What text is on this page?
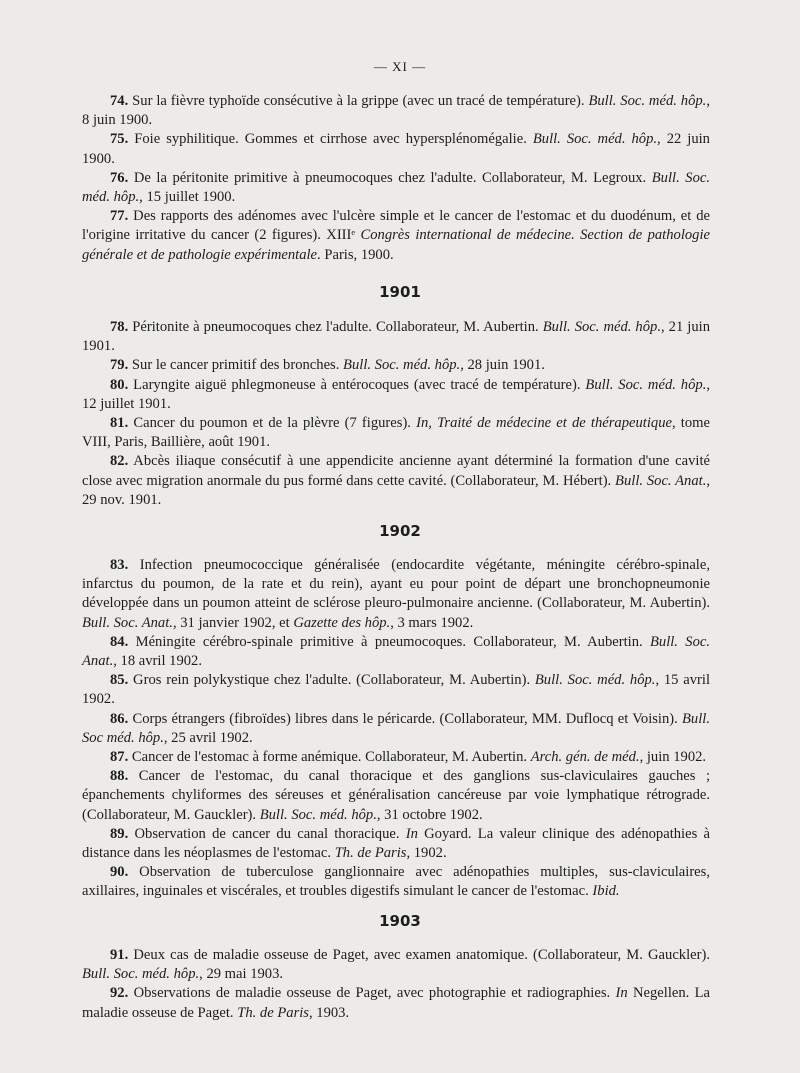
— XI —

74. Sur la fièvre typhoïde consécutive à la grippe (avec un tracé de température). Bull. Soc. méd. hôp., 8 juin 1900.

75. Foie syphilitique. Gommes et cirrhose avec hypersplénomégalie. Bull. Soc. méd. hôp., 22 juin 1900.

76. De la péritonite primitive à pneumocoques chez l'adulte. Collaborateur, M. Legroux. Bull. Soc. méd. hôp., 15 juillet 1900.

77. Des rapports des adénomes avec l'ulcère simple et le cancer de l'estomac et du duodénum, et de l'origine irritative du cancer (2 figures). XIIIᵉ Congrès international de médecine. Section de pathologie générale et de pathologie expérimentale. Paris, 1900.

1901

78. Péritonite à pneumocoques chez l'adulte. Collaborateur, M. Aubertin. Bull. Soc. méd. hôp., 21 juin 1901.

79. Sur le cancer primitif des bronches. Bull. Soc. méd. hôp., 28 juin 1901.

80. Laryngite aiguë phlegmoneuse à entérocoques (avec tracé de température). Bull. Soc. méd. hôp., 12 juillet 1901.

81. Cancer du poumon et de la plèvre (7 figures). In, Traité de médecine et de thérapeutique, tome VIII, Paris, Baillière, août 1901.

82. Abcès iliaque consécutif à une appendicite ancienne ayant déterminé la formation d'une cavité close avec migration anormale du pus formé dans cette cavité. (Collaborateur, M. Hébert). Bull. Soc. Anat., 29 nov. 1901.

1902

83. Infection pneumococcique généralisée (endocardite végétante, méningite cérébro-spinale, infarctus du poumon, de la rate et du rein), ayant eu pour point de départ une bronchopneumonie développée dans un poumon atteint de sclérose pleuro-pulmonaire ancienne. (Collaborateur, M. Aubertin). Bull. Soc. Anat., 31 janvier 1902, et Gazette des hôp., 3 mars 1902.

84. Méningite cérébro-spinale primitive à pneumocoques. Collaborateur, M. Aubertin. Bull. Soc. Anat., 18 avril 1902.

85. Gros rein polykystique chez l'adulte. (Collaborateur, M. Aubertin). Bull. Soc. méd. hôp., 15 avril 1902.

86. Corps étrangers (fibroïdes) libres dans le péricarde. (Collaborateur, MM. Duflocq et Voisin). Bull. Soc méd. hôp., 25 avril 1902.

87. Cancer de l'estomac à forme anémique. Collaborateur, M. Aubertin. Arch. gén. de méd., juin 1902.

88. Cancer de l'estomac, du canal thoracique et des ganglions sus-claviculaires gauches ; épanchements chyliformes des séreuses et généralisation cancéreuse par voie lymphatique rétrograde. (Collaborateur, M. Gauckler). Bull. Soc. méd. hôp., 31 octobre 1902.

89. Observation de cancer du canal thoracique. In Goyard. La valeur clinique des adénopathies à distance dans les néoplasmes de l'estomac. Th. de Paris, 1902.

90. Observation de tuberculose ganglionnaire avec adénopathies multiples, sus-claviculaires, axillaires, inguinales et viscérales, et troubles digestifs simulant le cancer de l'estomac. Ibid.

1903

91. Deux cas de maladie osseuse de Paget, avec examen anatomique. (Collaborateur, M. Gauckler). Bull. Soc. méd. hôp., 29 mai 1903.

92. Observations de maladie osseuse de Paget, avec photographie et radiographies. In Negellen. La maladie osseuse de Paget. Th. de Paris, 1903.
